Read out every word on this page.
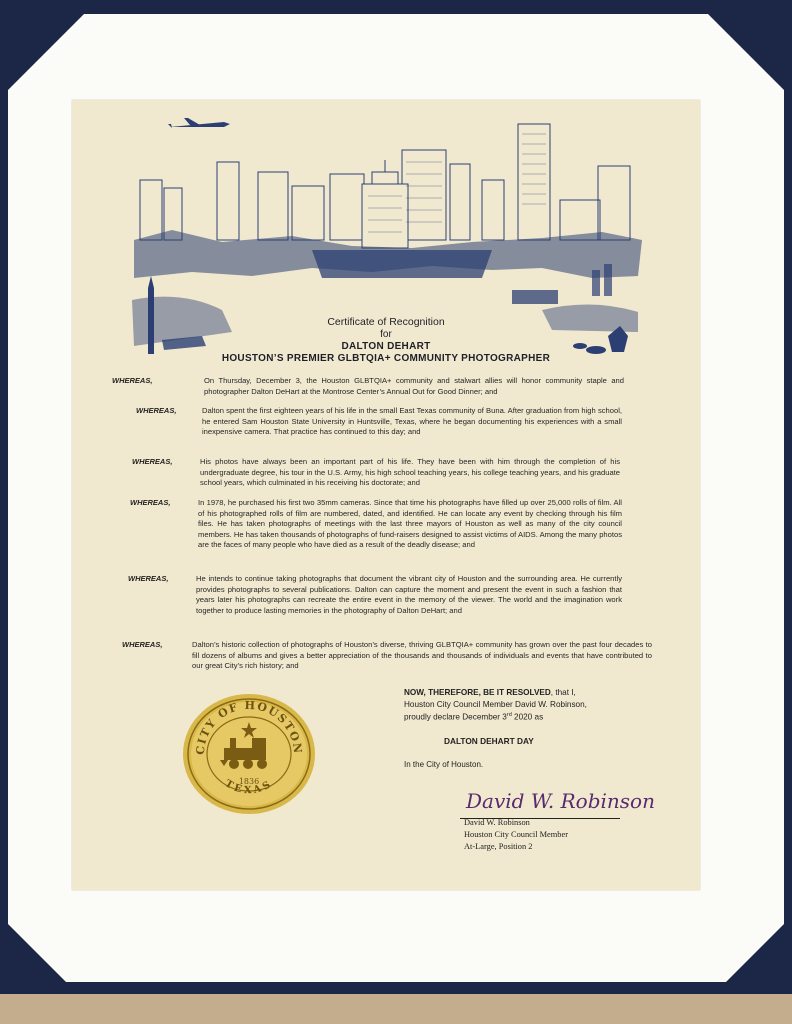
Certificate of Recognition
for
DALTON DEHART
HOUSTON’S PREMIER GLBTQIA+ COMMUNITY PHOTOGRAPHER
WHEREAS,	On Thursday, December 3, the Houston GLBTQIA+ community and stalwart allies will honor community staple and photographer Dalton DeHart at the Montrose Center’s Annual Out for Good Dinner; and

WHEREAS,	Dalton spent the first eighteen years of his life in the small East Texas community of Buna. After graduation from high school, he entered Sam Houston State University in Huntsville, Texas, where he began documenting his experiences with a small inexpensive camera. That practice has continued to this day; and

WHEREAS,	His photos have always been an important part of his life. They have been with him through the completion of his undergraduate degree, his tour in the U.S. Army, his high school teaching years, his college teaching years, and his graduate school years, which culminated in his receiving his doctorate; and

WHEREAS,	In 1978, he purchased his first two 35mm cameras. Since that time his photographs have filled up over 25,000 rolls of film. All of his photographed rolls of film are numbered, dated, and identified. He can locate any event by checking through his film files. He has taken photographs of meetings with the last three mayors of Houston as well as many of the city council members. He has taken thousands of photographs of fund-raisers designed to assist victims of AIDS. Among the many photos are the faces of many people who have died as a result of the deadly disease; and

WHEREAS,	He intends to continue taking photographs that document the vibrant city of Houston and the surrounding area. He currently provides photographs to several publications. Dalton can capture the moment and present the event in such a fashion that years later his photographs can recreate the entire event in the memory of the viewer. The world and the imagination work together to produce lasting memories in the photography of Dalton DeHart; and

WHEREAS,	Dalton’s historic collection of photographs of Houston’s diverse, thriving GLBTQIA+ community has grown over the past four decades to fill dozens of albums and gives a better appreciation of the thousands and thousands of individuals and events that have contributed to our great City’s rich history; and

NOW, THEREFORE, BE IT RESOLVED, that I,
Houston City Council Member David W. Robinson,
proudly declare December 3rd 2020 as

DALTON DEHART DAY
In the City of Houston.
CITY OF HOUSTON
TEXAS
1836
David W. Robinson
David W. Robinson
Houston City Council Member
At-Large, Position 2
